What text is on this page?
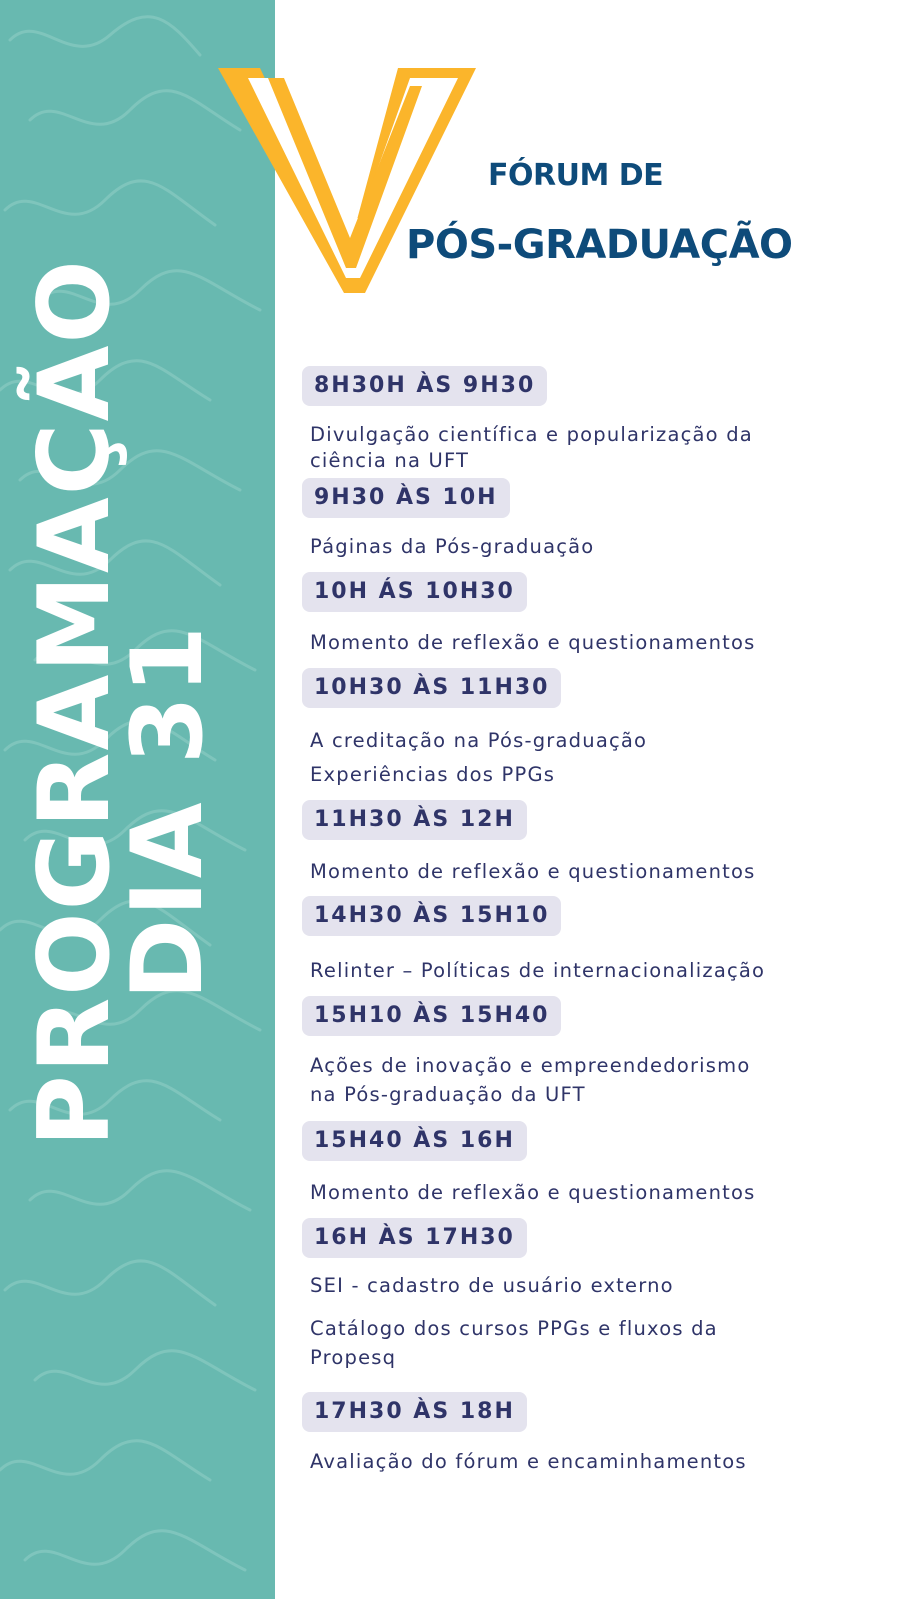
PROGRAMAÇÃO
DIA 31
FÓRUM DE
PÓS-GRADUAÇÃO
8H30H ÀS 9H30
Divulgação científica e popularização da
ciência na UFT
9H30 ÀS 10H
Páginas da Pós-graduação
10H ÁS 10H30
Momento de reflexão e questionamentos
10H30 ÀS 11H30
A creditação na Pós-graduação
Experiências dos PPGs
11H30 ÀS 12H
Momento de reflexão e questionamentos
14H30 ÀS 15H10
Relinter – Políticas de internacionalização
15H10 ÀS 15H40
Ações de inovação e empreendedorismo
na Pós-graduação da UFT
15H40 ÀS 16H
Momento de reflexão e questionamentos
16H ÀS 17H30
SEI - cadastro de usuário externo
Catálogo dos cursos PPGs e fluxos da
Propesq
17H30 ÀS 18H
Avaliação do fórum e encaminhamentos
